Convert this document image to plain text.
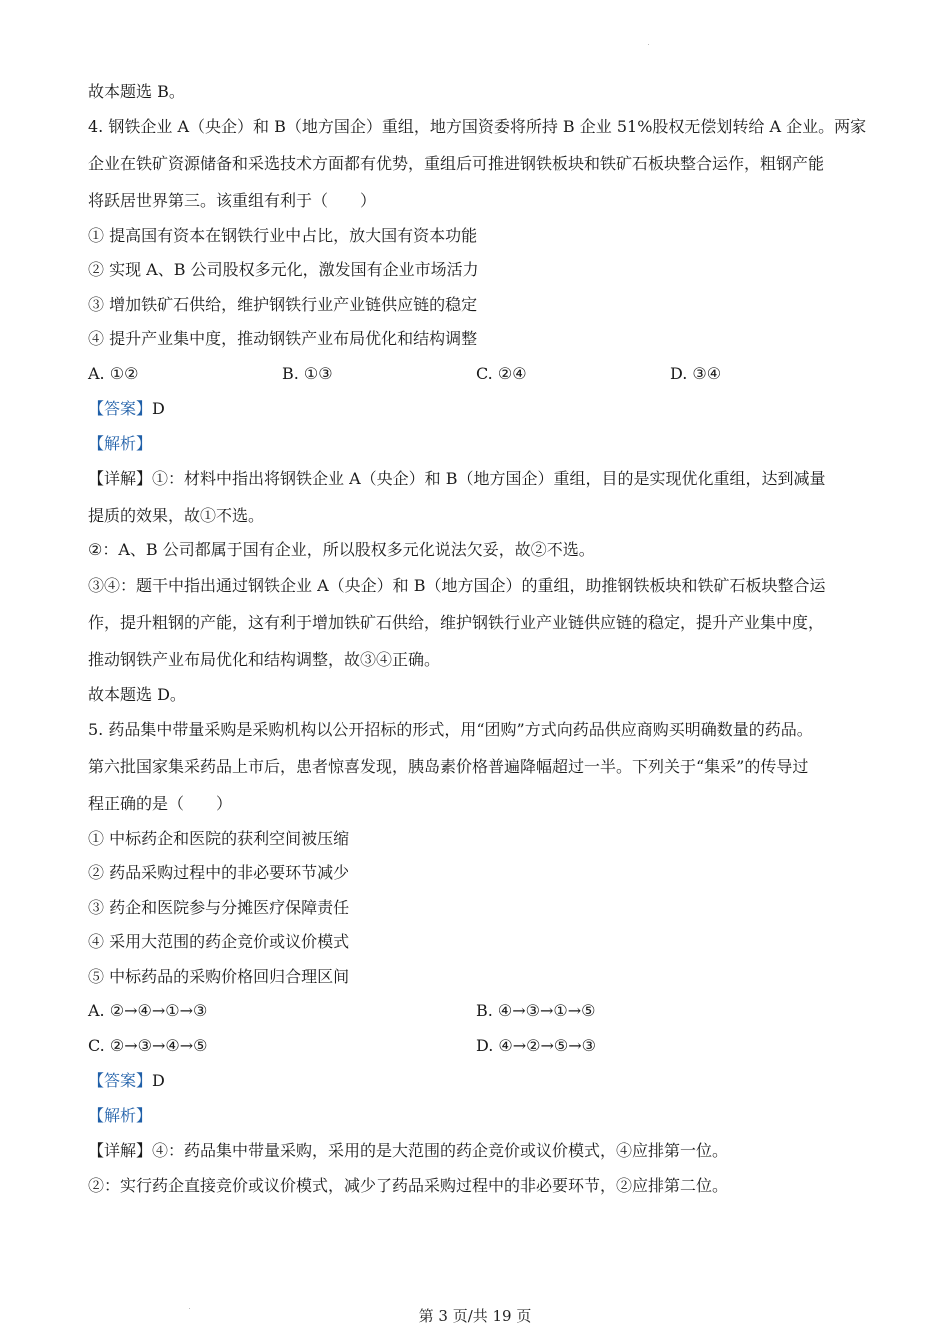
故本题选 B。
4. 钢铁企业 A（央企）和 B（地方国企）重组，地方国资委将所持 B 企业 51%股权无偿划转给 A 企业。两家
企业在铁矿资源储备和采选技术方面都有优势，重组后可推进钢铁板块和铁矿石板块整合运作，粗钢产能
将跃居世界第三。该重组有利于（　　）
① 提高国有资本在钢铁行业中占比，放大国有资本功能
② 实现 A、B 公司股权多元化，激发国有企业市场活力
③ 增加铁矿石供给，维护钢铁行业产业链供应链的稳定
④ 提升产业集中度，推动钢铁产业布局优化和结构调整
A. ①②	B. ①③	C. ②④	D. ③④
【答案】D
【解析】
【详解】①：材料中指出将钢铁企业 A（央企）和 B（地方国企）重组，目的是实现优化重组，达到减量
提质的效果，故①不选。
②：A、B 公司都属于国有企业，所以股权多元化说法欠妥，故②不选。
③④：题干中指出通过钢铁企业 A（央企）和 B（地方国企）的重组，助推钢铁板块和铁矿石板块整合运
作，提升粗钢的产能，这有利于增加铁矿石供给，维护钢铁行业产业链供应链的稳定，提升产业集中度，
推动钢铁产业布局优化和结构调整，故③④正确。
故本题选 D。
5. 药品集中带量采购是采购机构以公开招标的形式，用“团购”方式向药品供应商购买明确数量的药品。
第六批国家集采药品上市后，患者惊喜发现，胰岛素价格普遍降幅超过一半。下列关于“集采”的传导过
程正确的是（　　）
① 中标药企和医院的获利空间被压缩
② 药品采购过程中的非必要环节减少
③ 药企和医院参与分摊医疗保障责任
④ 采用大范围的药企竞价或议价模式
⑤ 中标药品的采购价格回归合理区间
A. ②→④→①→③	B. ④→③→①→⑤
C. ②→③→④→⑤	D. ④→②→⑤→③
【答案】D
【解析】
【详解】④：药品集中带量采购，采用的是大范围的药企竞价或议价模式，④应排第一位。
②：实行药企直接竞价或议价模式，减少了药品采购过程中的非必要环节，②应排第二位。
第 3 页/共 19 页
